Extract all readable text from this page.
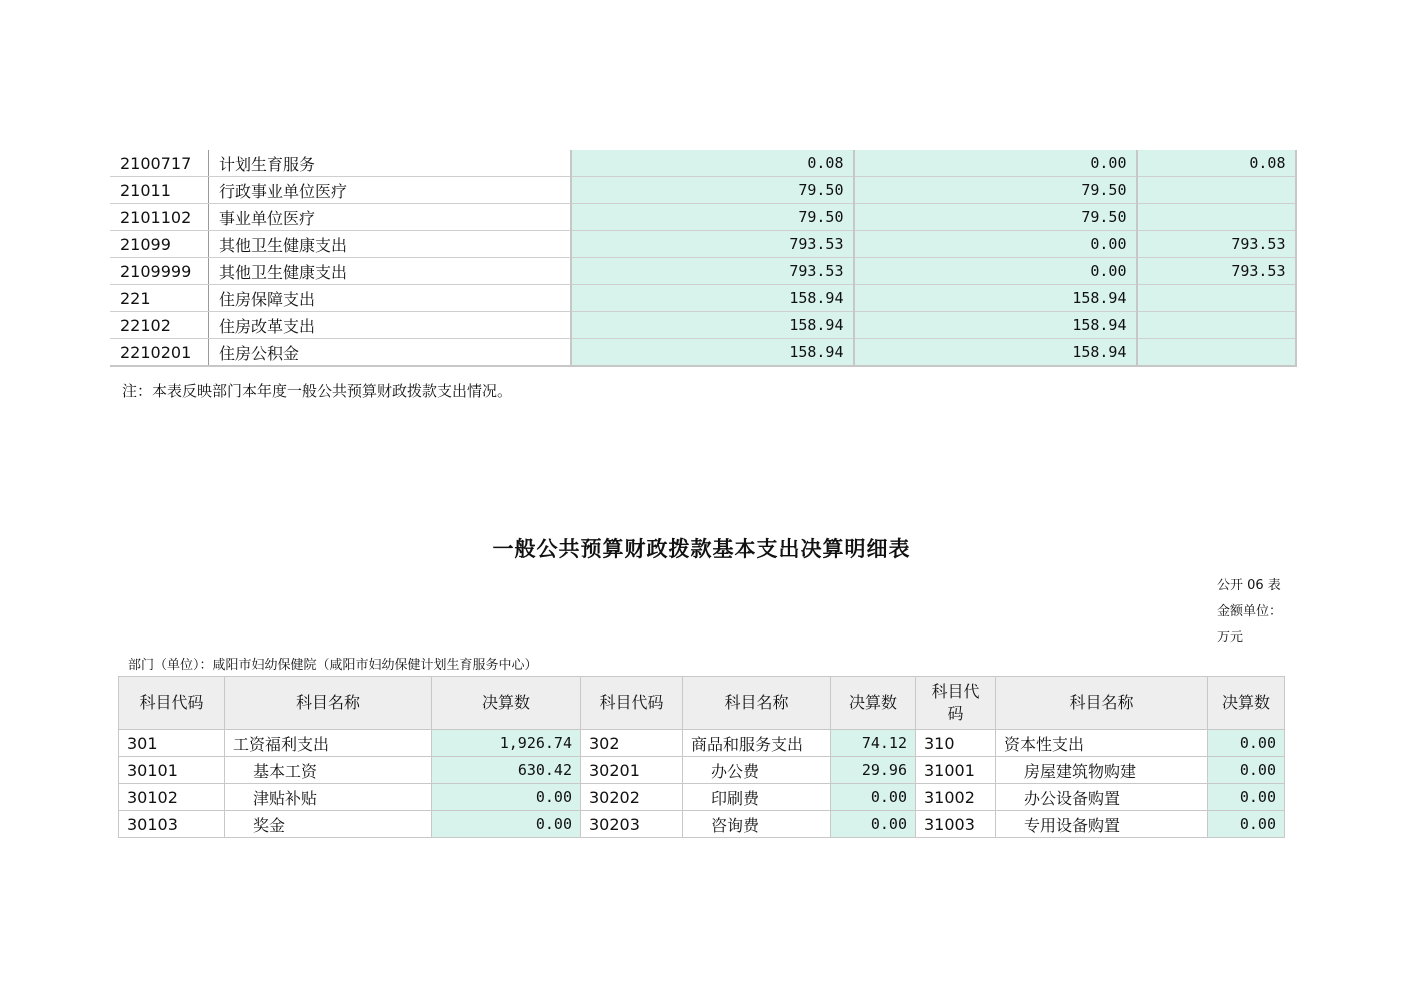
2100717	计划生育服务	0.08	0.00	0.08
21011	行政事业单位医疗	79.50	79.50	
2101102	事业单位医疗	79.50	79.50	
21099	其他卫生健康支出	793.53	0.00	793.53
2109999	其他卫生健康支出	793.53	0.00	793.53
221	住房保障支出	158.94	158.94	
22102	住房改革支出	158.94	158.94	
2210201	住房公积金	158.94	158.94	
注：本表反映部门本年度一般公共预算财政拨款支出情况。
一般公共预算财政拨款基本支出决算明细表
公开 06 表
金额单位：万元
部门（单位）：咸阳市妇幼保健院（咸阳市妇幼保健计划生育服务中心）
科目代码	科目名称	决算数	科目代码	科目名称	决算数	科目代码	科目名称	决算数
301	工资福利支出	1,926.74	302	商品和服务支出	74.12	310	资本性支出	0.00
30101	基本工资	630.42	30201	办公费	29.96	31001	房屋建筑物购建	0.00
30102	津贴补贴	0.00	30202	印刷费	0.00	31002	办公设备购置	0.00
30103	奖金	0.00	30203	咨询费	0.00	31003	专用设备购置	0.00
